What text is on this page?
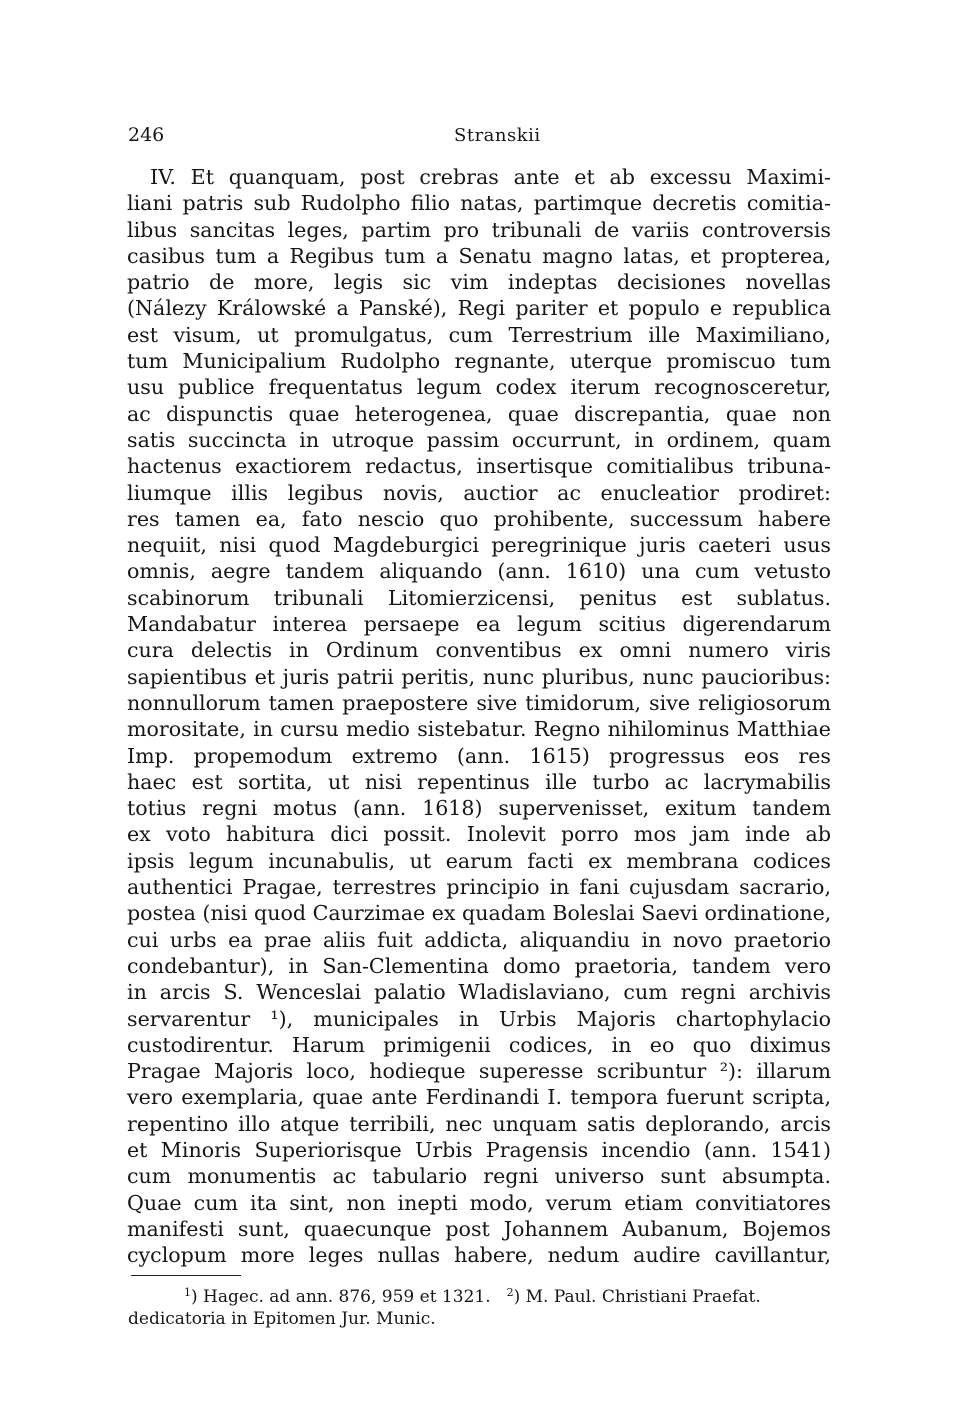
246	Stranskii
IV. Et quanquam, post crebras ante et ab excessu Maximi-
liani patris sub Rudolpho filio natas, partimque decretis comitia-
libus sancitas leges, partim pro tribunali de variis controversis
casibus tum a Regibus tum a Senatu magno latas, et propterea,
patrio de more, legis sic vim indeptas decisiones novellas
(Nálezy Králowské a Panské), Regi pariter et populo e republica
est visum, ut promulgatus, cum Terrestrium ille Maximiliano,
tum Municipalium Rudolpho regnante, uterque promiscuo tum
usu publice frequentatus legum codex iterum recognosceretur,
ac dispunctis quae heterogenea, quae discrepantia, quae non
satis succincta in utroque passim occurrunt, in ordinem, quam
hactenus exactiorem redactus, insertisque comitialibus tribuna-
liumque illis legibus novis, auctior ac enucleatior prodiret:
res tamen ea, fato nescio quo prohibente, successum habere
nequiit, nisi quod Magdeburgici peregrinique juris caeteri usus
omnis, aegre tandem aliquando (ann. 1610) una cum vetusto
scabinorum tribunali Litomierzicensi, penitus est sublatus.
Mandabatur interea persaepe ea legum scitius digerendarum
cura delectis in Ordinum conventibus ex omni numero viris
sapientibus et juris patrii peritis, nunc pluribus, nunc paucioribus:
nonnullorum tamen praepostere sive timidorum, sive religiosorum
morositate, in cursu medio sistebatur. Regno nihilominus Matthiae
Imp. propemodum extremo (ann. 1615) progressus eos res
haec est sortita, ut nisi repentinus ille turbo ac lacrymabilis
totius regni motus (ann. 1618) supervenisset, exitum tandem
ex voto habitura dici possit. Inolevit porro mos jam inde ab
ipsis legum incunabulis, ut earum facti ex membrana codices
authentici Pragae, terrestres principio in fani cujusdam sacrario,
postea (nisi quod Caurzimae ex quadam Boleslai Saevi ordinatione,
cui urbs ea prae aliis fuit addicta, aliquandiu in novo praetorio
condebantur), in San-Clementina domo praetoria, tandem vero
in arcis S. Wenceslai palatio Wladislaviano, cum regni archivis
servarentur ¹), municipales in Urbis Majoris chartophylacio
custodirentur. Harum primigenii codices, in eo quo diximus
Pragae Majoris loco, hodieque superesse scribuntur ²): illarum
vero exemplaria, quae ante Ferdinandi I. tempora fuerunt scripta,
repentino illo atque terribili, nec unquam satis deplorando, arcis
et Minoris Superiorisque Urbis Pragensis incendio (ann. 1541)
cum monumentis ac tabulario regni universo sunt absumpta.
Quae cum ita sint, non inepti modo, verum etiam convitiatores
manifesti sunt, quaecunque post Johannem Aubanum, Bojemos
cyclopum more leges nullas habere, nedum audire cavillantur,
$^1$) Hagec. ad ann. 876, 959 et 1321. $^2$) M. Paul. Christiani Praefat.
dedicatoria in Epitomen Jur. Munic.
